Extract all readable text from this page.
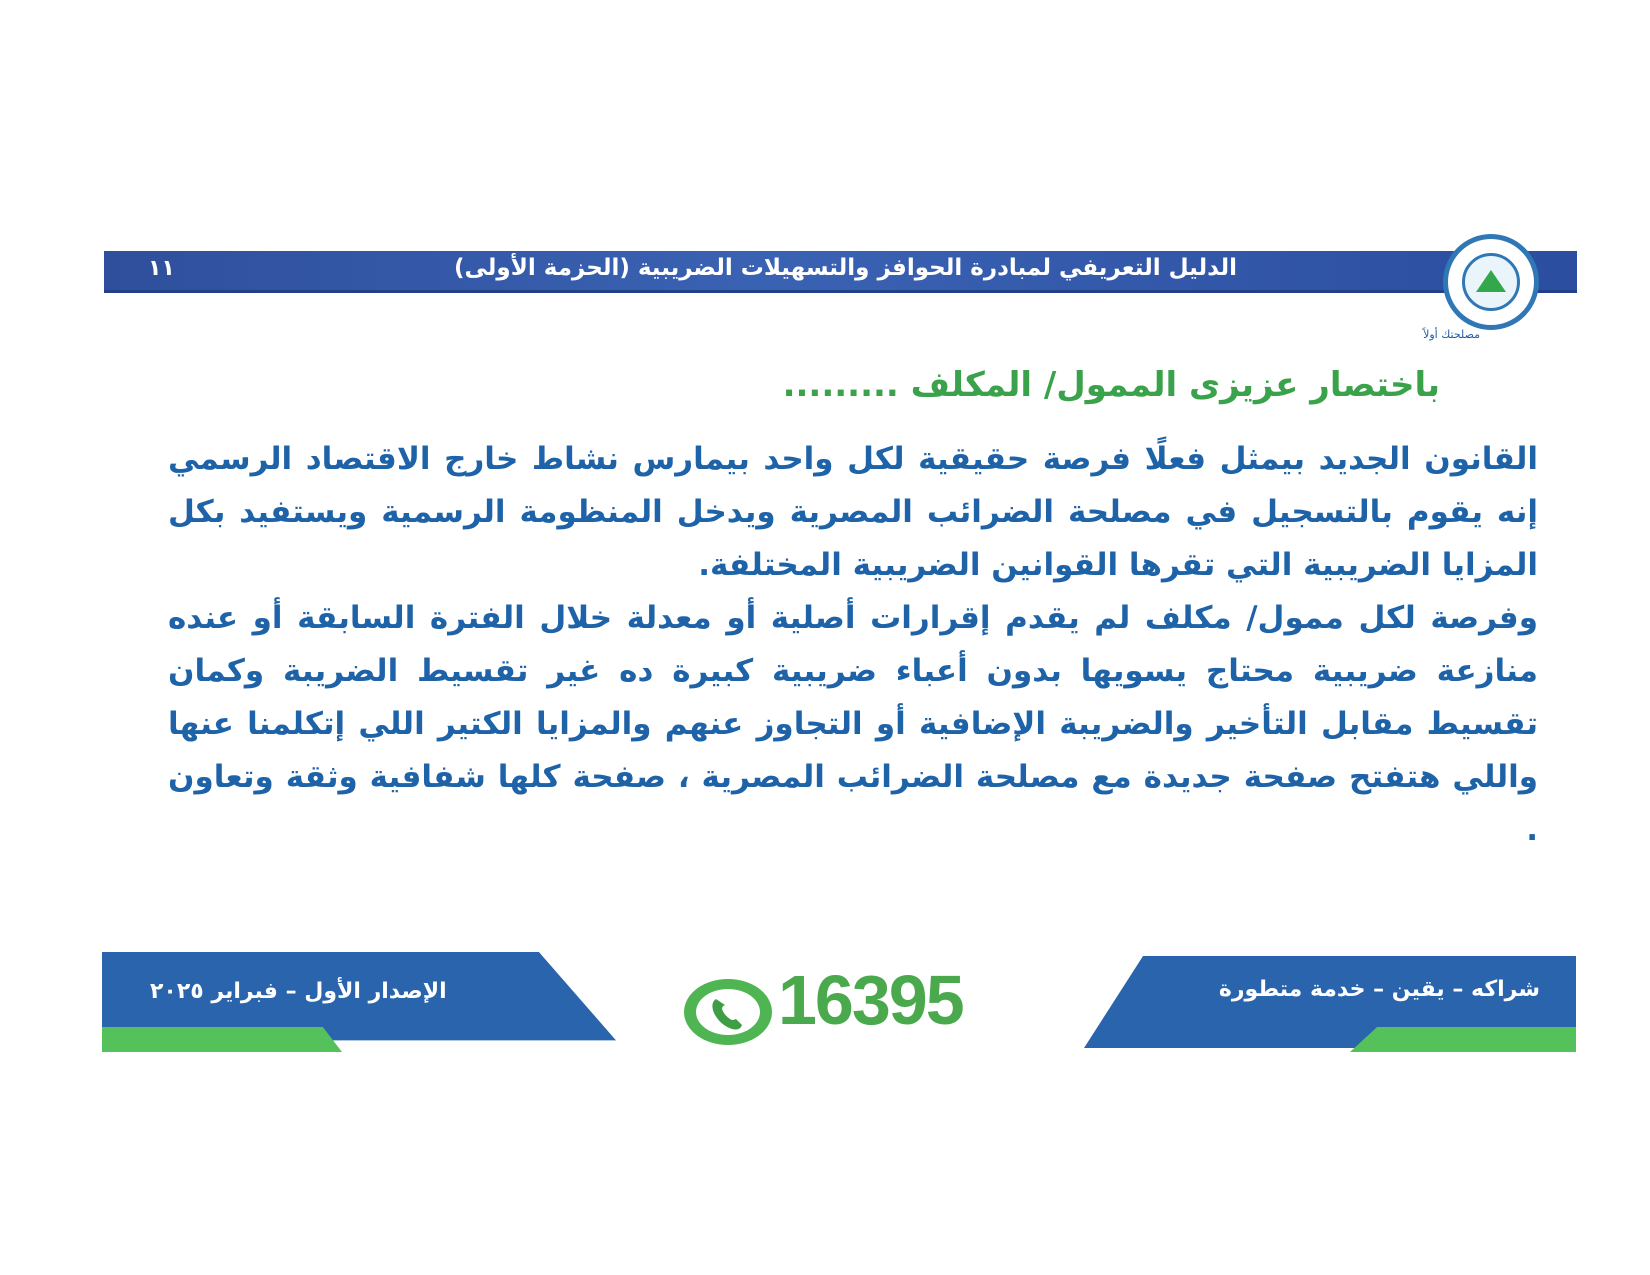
الدليل التعريفي لمبادرة الحوافز والتسهيلات الضريبية (الحزمة الأولى)
١١
مصلحتك أولاً
باختصار عزيزى الممول/ المكلف .........

القانون الجديد بيمثل فعلًا فرصة حقيقية لكل واحد بيمارس نشاط خارج الاقتصاد الرسمي إنه يقوم بالتسجيل في مصلحة الضرائب المصرية ويدخل المنظومة الرسمية ويستفيد بكل المزايا الضريبية التي تقرها القوانين الضريبية المختلفة.

وفرصة لكل ممول/ مكلف لم يقدم إقرارات أصلية أو معدلة خلال الفترة السابقة أو عنده منازعة ضريبية محتاج يسويها بدون أعباء ضريبية كبيرة ده غير تقسيط الضريبة وكمان تقسيط مقابل التأخير والضريبة الإضافية أو التجاوز عنهم والمزايا الكتير اللي إتكلمنا عنها واللي هتفتح صفحة جديدة مع مصلحة الضرائب المصرية ، صفحة كلها شفافية وثقة وتعاون .

الإصدار الأول – فبراير ٢٠٢٥	16395	شراكه – يقين – خدمة متطورة
